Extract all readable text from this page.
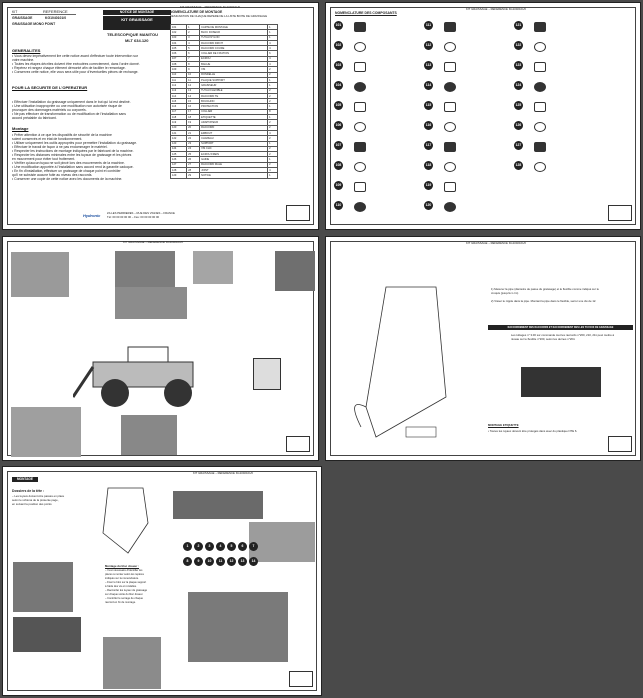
KIT	REFERENCE
GRAISSAGE	KG1040101/0
GRAISSAGE MONO POINT
NOTICE DE MONTAGE
KIT GRAISSAGE
TELESCOPIQUE MANITOU
MLT 634.120
GENERALITES
• Vous devez impérativement lire cette notice avant d'effectuer toute intervention sur
votre machine.
• Toutes les étapes décrites doivent être exécutées correctement, dans l'ordre donné.
• Repérez et rangez chaque élément démonté afin de faciliter le remontage.
• Conservez cette notice, elle vous sera utile pour d'éventuelles pièces de rechange.
POUR LA SECURITE DE L'OPERATEUR
• Effectuer l'installation du graissage uniquement dans le but qui lui est destiné.
• Une utilisation inappropriée ou une modification non autorisée risque de
provoquer des dommages matériels ou corporels.
• Ne pas effectuer de transformation ou de modification de l'installation sans
accord préalable du fabricant.
Montage
• Prêter attention à ce que les dispositifs de sécurité de la machine
soient conservés et en état de fonctionnement.
• Utiliser uniquement les outils appropriés pour permettre l'installation du graissage.
• Effectuer le travail de façon à ne pas endommager le matériel.
• Respecter les instructions de montage indiquées par le fabricant de la machine.
• Respecter les distances minimales entre les tuyaux de graissage et les pièces
en mouvement pour éviter tout frottement.
• Vérifier qu'aucun tuyau ne soit pincé lors des mouvements de la machine.
• Une modification apportée à l'installation sans accord rend la garantie caduque.
• En fin d'installation, effectuer un graissage de chaque point et contrôler
qu'il ne subsiste aucune fuite au niveau des raccords.
• Conserver une copie de cette notice avec les documents de la machine.
Hydronic ZA LES PERRIERES – RUE DES VIGNES – FRANCE
Tél: 00 00 00 00 00 – Fax: 00 00 00 00 00
KIT GRAISSAGE – REFERENCE KG1040101/0
NOMENCLATURE DE MONTAGE
DESIGNATION DE CHAQUE REPERE DE LA LISTE BOITE DE GRAISSAGE
101	1	CARTE DE MONTAGE	1
102	2	BLOC DOSEUR	1
103	3	TUYAU NYLON	1
104	4	RACCORD DROIT	4
105	5	RACCORD COUDE	4
106	6	COLLIER DE FIXATION	6
107	7	ECROU	4
108	8	BAGUE	4
109	9	VIS	2
110	10	RONDELLE	2
111	11	PLAQUE SUPPORT	1
112	12	GRAISSEUR	1
113	13	TUYAU FLEXIBLE	2
114	14	RACCORD TE	2
115	15	BOUCHON	2
116	16	PROTECTION	1
117	17	COLLIER	8
118	18	ETIQUETTE	1
119	19	ADAPTATEUR	2
120	20	RACCORD	2
121	21	EMBOUT	4
122	22	CHAPEAU	2
123	23	SUPPORT	1
124	24	VIS CHC	2
125	25	ECROU FREIN	2
126	26	GAINE	1
127	27	RACCORD MALE	2
128	28	JOINT	4
129	29	NOTICE	1
KIT GRAISSAGE – REFERENCE KG1040101/0
NOMENCLATURE DES COMPOSANTS
101
102
103
104
105
106
107
108
109
110
111
112
113
114
115
116
117
118
119
120
121
122
123
124
125
126
127
128
KIT GRAISSAGE – REFERENCE KG1040101/0	KIT GRAISSAGE – REFERENCE KG1040101/0
1) Mesurer la pipe (diamètre de passe du graissage) et le flexible comme indiqué sur le
croquis (jusqu'à 1 cm)
2) Visser le nipple dans la pipe. Montant la pipe dans le flexible, serrer une clé de 12.
RACCORDEMENT DES RACCORDS ET RACCORDEMENT DES LES TUYAUX DE GRAISSAGE
Les tubages n° 3.00 sur commande tout les raccords n°200, 210, 211 peut mettre à niveau sur le flexible n°200, selon les dernes n°204.
MONTAGE ETIQUETTE
• Toutes les tuyaux doivent être protégés dans avec du plastique NTE 6.
KIT GRAISSAGE – REFERENCE KG1040101/0
MONTAGE
Dossiers de la tête :
– Les tuyaux doivent être passés en place
selon le schéma de la présente page,
en suivant la position des points
Montage du bloc doseur :
– Il est nécessaire d'identifier les
pièces à monter selon les repères
indiqués sur la nomenclature.
– Fixer le bloc sur la plaque support
à l'aide des vis et rondelles.
– Raccorder les tuyaux de graissage
sur chaque sortie du bloc doseur.
– Contrôler le serrage de chaque
raccord en fin de montage.
1	2	3	4	5	6	7
8	9	10	11	12	13	14
